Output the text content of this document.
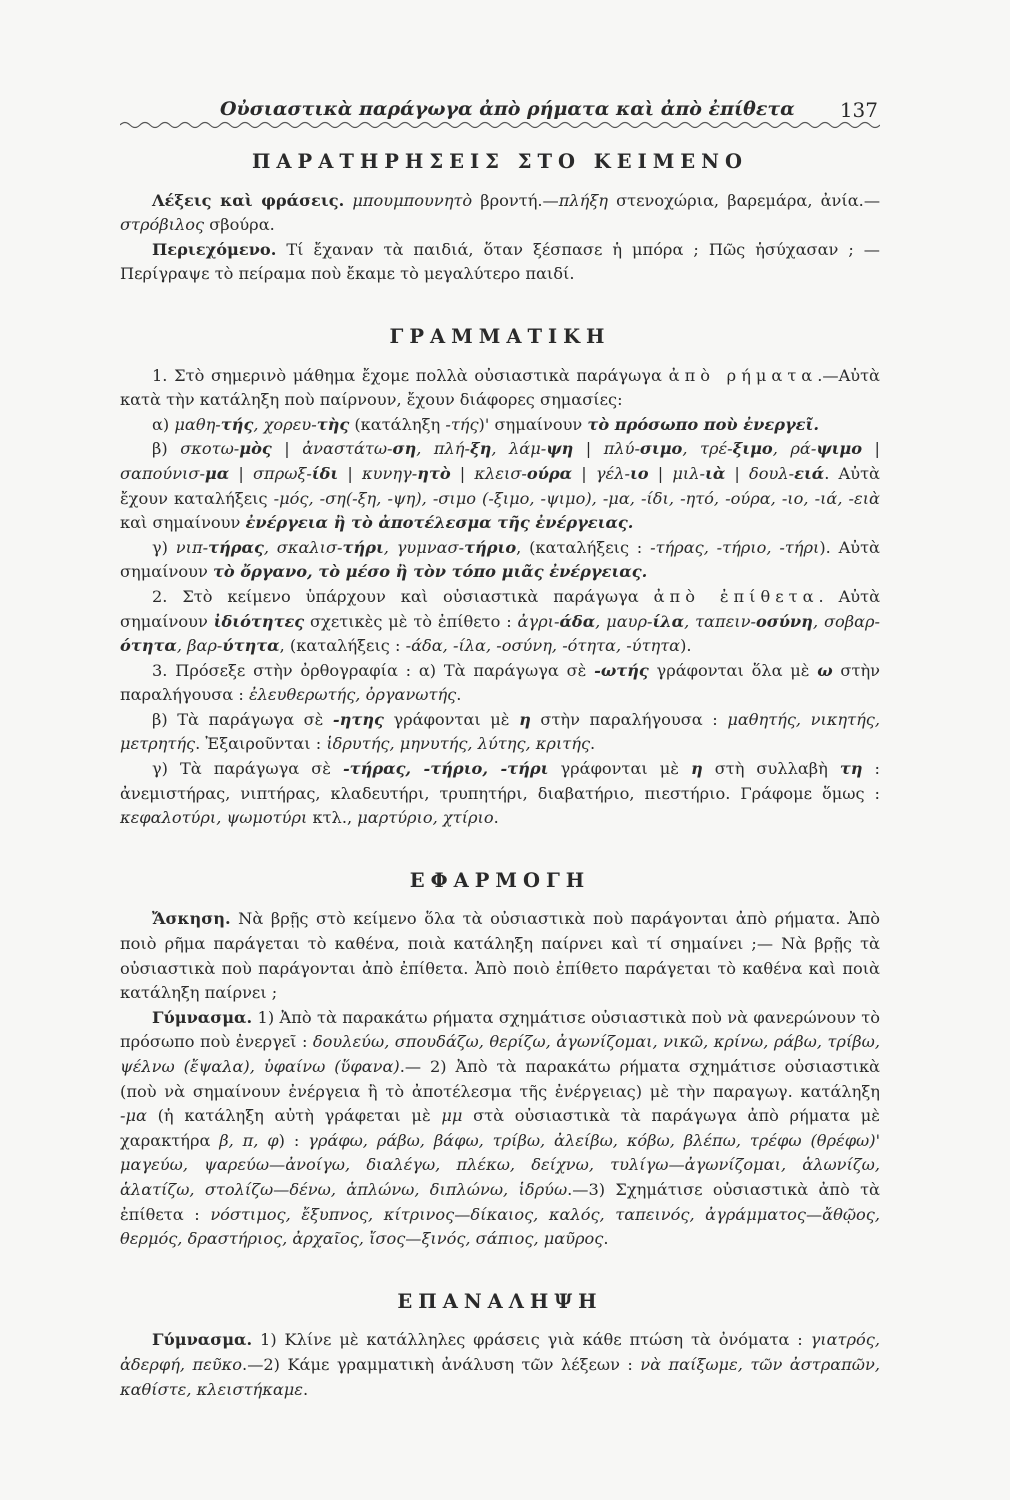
Οὐσιαστικὰ παράγωγα ἀπὸ ρήματα καὶ ἀπὸ ἐπίθετα 137
ΠΑΡΑΤΗΡΗΣΕΙΣ ΣΤΟ ΚΕΙΜΕΝΟ

Λέξεις καὶ φράσεις. μπουμπουνητὸ βροντή.—πλήξη στενοχώρια, βαρεμάρα, ἀνία.—στρόβιλος σβούρα.

Περιεχόμενο. Τί ἔχαναν τὰ παιδιά, ὅταν ξέσπασε ἡ μπόρα ; Πῶς ἡσύχασαν ; — Περίγραψε τὸ πείραμα ποὺ ἔκαμε τὸ μεγαλύτερο παιδί.

ΓΡΑΜΜΑΤΙΚΗ

1. Στὸ σημερινὸ μάθημα ἔχομε πολλὰ οὐσιαστικὰ παράγωγα ἀπὸ ρήματα.—Αὐτὰ κατὰ τὴν κατάληξη ποὺ παίρνουν, ἔχουν διάφορες σημασίες:

α) μαθη-τής, χορευ-τὴς (κατάληξη -τής)' σημαίνουν τὸ πρόσωπο ποὺ ἐνεργεῖ.

β) σκοτω-μὸς | ἀναστάτω-ση, πλή-ξη, λάμ-ψη | πλύ-σιμο, τρέ-ξιμο, ρά-ψιμο | σαπούνισ-μα | σπρωξ-ίδι | κυνηγ-ητὸ | κλεισ-ούρα | γέλ-ιο | μιλ-ιὰ | δουλ-ειά. Αὐτὰ ἔχουν καταλήξεις -μός, -ση(-ξη, -ψη), -σιμο (-ξιμο, -ψιμο), -μα, -ίδι, -ητό, -ούρα, -ιο, -ιά, -ειὰ καὶ σημαίνουν ἐνέργεια ἢ τὸ ἀποτέλεσμα τῆς ἐνέργειας.

γ) νιπ-τήρας, σκαλισ-τήρι, γυμνασ-τήριο, (καταλήξεις : -τήρας, -τήριο, -τήρι). Αὐτὰ σημαίνουν τὸ ὄργανο, τὸ μέσο ἢ τὸν τόπο μιᾶς ἐνέργειας.

2. Στὸ κείμενο ὑπάρχουν καὶ οὐσιαστικὰ παράγωγα ἀπὸ ἐπίθετα. Αὐτὰ σημαίνουν ἰδιότητες σχετικὲς μὲ τὸ ἐπίθετο : ἀγρι-άδα, μαυρ-ίλα, ταπειν-οσύνη, σοβαρ-ότητα, βαρ-ύτητα, (καταλήξεις : -άδα, -ίλα, -οσύνη, -ότητα, -ύτητα).

3. Πρόσεξε στὴν ὀρθογραφία : α) Τὰ παράγωγα σὲ -ωτής γράφονται ὅλα μὲ ω στὴν παραλήγουσα : ἐλευθερωτής, ὀργανωτής.

β) Τὰ παράγωγα σὲ -ητης γράφονται μὲ η στὴν παραλήγουσα : μαθητής, νικητής, μετρητής. Ἐξαιροῦνται : ἱδρυτής, μηνυτής, λύτης, κριτής.

γ) Τὰ παράγωγα σὲ -τήρας, -τήριο, -τήρι γράφονται μὲ η στὴ συλλαβὴ τη : ἀνεμιστήρας, νιπτήρας, κλαδευτήρι, τρυπητήρι, διαβατήριο, πιεστήριο. Γράφομε ὅμως : κεφαλοτύρι, ψωμοτύρι κτλ., μαρτύριο, χτίριο.

ΕΦΑΡΜΟΓΗ

Ἄσκηση. Νὰ βρῇς στὸ κείμενο ὅλα τὰ οὐσιαστικὰ ποὺ παράγονται ἀπὸ ρήματα. Ἀπὸ ποιὸ ρῆμα παράγεται τὸ καθένα, ποιὰ κατάληξη παίρνει καὶ τί σημαίνει ;— Νὰ βρῇς τὰ οὐσιαστικὰ ποὺ παράγονται ἀπὸ ἐπίθετα. Ἀπὸ ποιὸ ἐπίθετο παράγεται τὸ καθένα καὶ ποιὰ κατάληξη παίρνει ;

Γύμνασμα. 1) Ἀπὸ τὰ παρακάτω ρήματα σχημάτισε οὐσιαστικὰ ποὺ νὰ φανερώνουν τὸ πρόσωπο ποὺ ἐνεργεῖ : δουλεύω, σπουδάζω, θερίζω, ἀγωνίζομαι, νικῶ, κρίνω, ράβω, τρίβω, ψέλνω (ἔψαλα), ὑφαίνω (ὕφανα).— 2) Ἀπὸ τὰ παρακάτω ρήματα σχημάτισε οὐσιαστικὰ (ποὺ νὰ σημαίνουν ἐνέργεια ἢ τὸ ἀποτέλεσμα τῆς ἐνέργειας) μὲ τὴν παραγωγ. κατάληξη -μα (ἡ κατάληξη αὐτὴ γράφεται μὲ μμ στὰ οὐσιαστικὰ τὰ παράγωγα ἀπὸ ρήματα μὲ χαρακτήρα β, π, φ) : γράφω, ράβω, βάφω, τρίβω, ἀλείβω, κόβω, βλέπω, τρέφω (θρέφω)' μαγεύω, ψαρεύω—ἀνοίγω, διαλέγω, πλέκω, δείχνω, τυλίγω—ἀγωνίζομαι, ἁλωνίζω, ἁλατίζω, στολίζω—δένω, ἁπλώνω, διπλώνω, ἱδρύω.—3) Σχημάτισε οὐσιαστικὰ ἀπὸ τὰ ἐπίθετα : νόστιμος, ἔξυπνος, κίτρινος—δίκαιος, καλός, ταπεινός, ἀγράμματος—ἄθῷος, θερμός, δραστήριος, ἀρχαῖος, ἴσος—ξινός, σάπιος, μαῦρος.

ΕΠΑΝΑΛΗΨΗ

Γύμνασμα. 1) Κλίνε μὲ κατάλληλες φράσεις γιὰ κάθε πτώση τὰ ὀνόματα : γιατρός, ἀδερφή, πεῦκο.—2) Κάμε γραμματικὴ ἀνάλυση τῶν λέξεων : νὰ παίξωμε, τῶν ἀστραπῶν, καθίστε, κλειστήκαμε.
